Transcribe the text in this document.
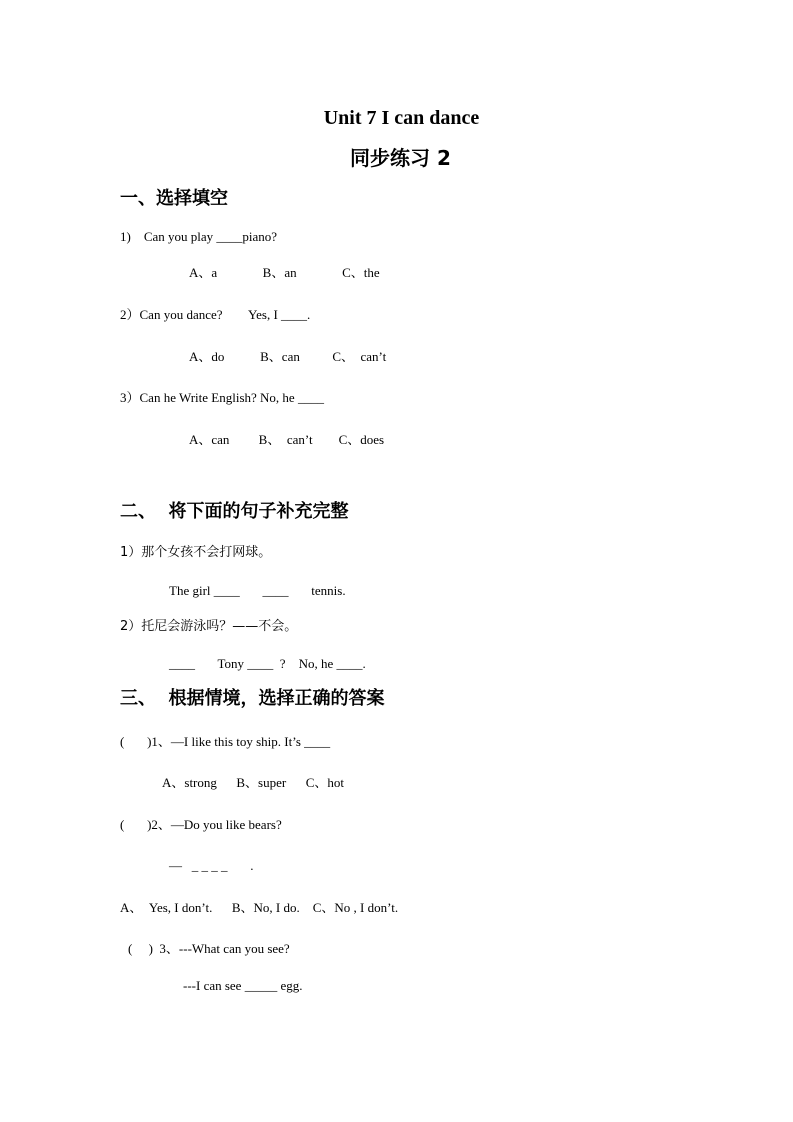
Unit 7 I can dance
同步练习 2
一、选择填空
1)    Can you play ____piano?
A、a              B、an              C、the
2）Can you dance?        Yes, I ____.
A、do           B、can          C、  can’t
3）Can he Write English? No, he ____
A、can         B、  can’t        C、does
二、  将下面的句子补充完整
1）那个女孩不会打网球。
The girl ____       ____       tennis.
2）托尼会游泳吗？——不会。
____       Tony ____  ?    No, he ____.
三、  根据情境，选择正确的答案
(       )1、—I like this toy ship. It’s ____
A、strong      B、super      C、hot
(       )2、—Do you like bears?
—   _ _ _ _       .
A、  Yes, I don’t.      B、No, I do.    C、No , I don’t.
(     )  3、---What can you see?
---I can see _____ egg.
